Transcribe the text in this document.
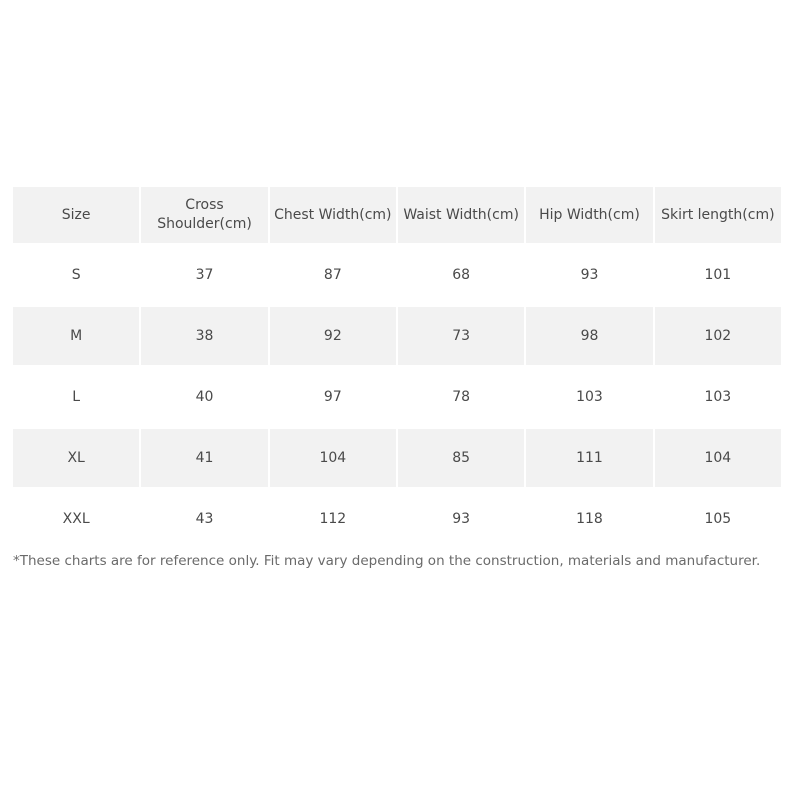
Size	Cross Shoulder(cm)	Chest Width(cm)	Waist Width(cm)	Hip Width(cm)	Skirt length(cm)
S	37	87	68	93	101
M	38	92	73	98	102
L	40	97	78	103	103
XL	41	104	85	111	104
XXL	43	112	93	118	105
*These charts are for reference only. Fit may vary depending on the construction, materials and manufacturer.
